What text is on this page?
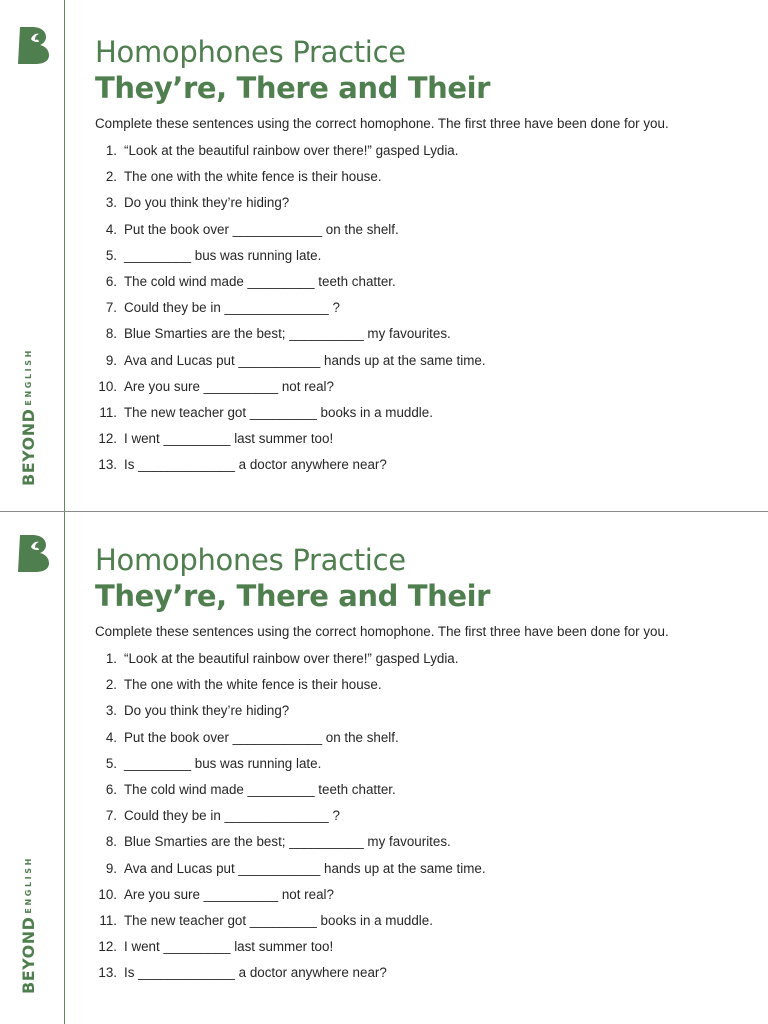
BEYONDENGLISH
Homophones Practice
They’re, There and Their
Complete these sentences using the correct homophone. The first three have been done for you.
1. “Look at the beautiful rainbow over there!” gasped Lydia.
2. The one with the white fence is their house.
3. Do you think they’re hiding?
4. Put the book over ____________ on the shelf.
5. _________ bus was running late.
6. The cold wind made _________ teeth chatter.
7. Could they be in ______________ ?
8. Blue Smarties are the best; __________ my favourites.
9. Ava and Lucas put ___________ hands up at the same time.
10. Are you sure __________ not real?
11. The new teacher got _________ books in a muddle.
12. I went _________ last summer too!
13. Is _____________ a doctor anywhere near?
BEYONDENGLISH
Homophones Practice
They’re, There and Their
Complete these sentences using the correct homophone. The first three have been done for you.
1. “Look at the beautiful rainbow over there!” gasped Lydia.
2. The one with the white fence is their house.
3. Do you think they’re hiding?
4. Put the book over ____________ on the shelf.
5. _________ bus was running late.
6. The cold wind made _________ teeth chatter.
7. Could they be in ______________ ?
8. Blue Smarties are the best; __________ my favourites.
9. Ava and Lucas put ___________ hands up at the same time.
10. Are you sure __________ not real?
11. The new teacher got _________ books in a muddle.
12. I went _________ last summer too!
13. Is _____________ a doctor anywhere near?
